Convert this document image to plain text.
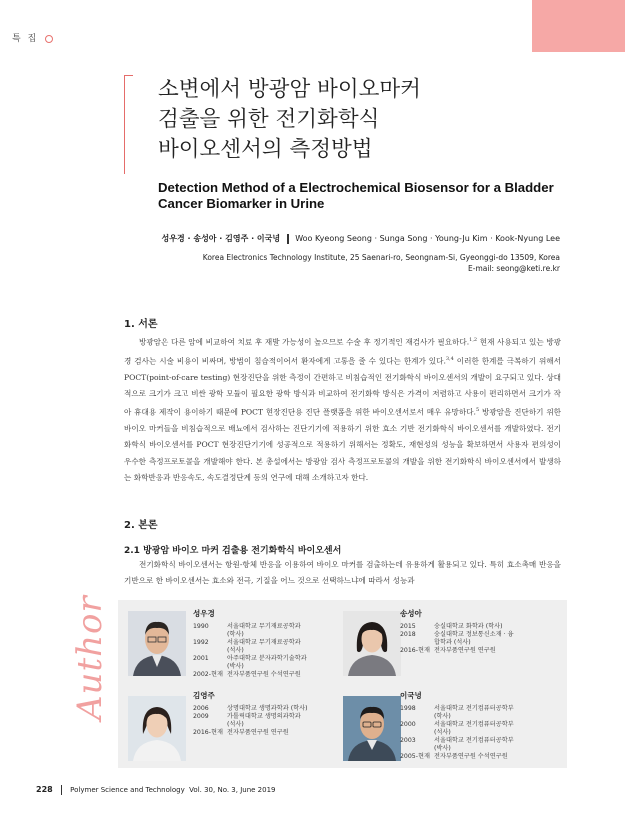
특 집
소변에서 방광암 바이오마커
검출을 위한 전기화학식
바이오센서의 측정방법
Detection Method of a Electrochemical Biosensor for a Bladder
Cancer Biomarker in Urine
성우경 · 송성아 · 김영주 · 이국녕 Woo Kyeong Seong · Sunga Song · Young-Ju Kim · Kook-Nyung Lee
Korea Electronics Technology Institute, 25 Saenari-ro, Seongnam-Si, Gyeonggi-do 13509, Korea
E-mail: seong@keti.re.kr
1. 서론

방광암은 다른 암에 비교하여 치료 후 재발 가능성이 높으므로 수술 후 정기적인 재검사가 필요하다.$^{1,2}$ 현재 사용되고 있는 방광경 검사는 시술 비용이 비싸며, 방법이 침습적이어서 환자에게 고통을 줄 수 있다는 한계가 있다.$^{3,4}$ 이러한 한계를 극복하기 위해서 POCT(point-of-care testing) 현장진단을 위한 측정이 간편하고 비침습적인 전기화학식 바이오센서의 개발이 요구되고 있다. 상대적으로 크기가 크고 비싼 광학 모듈이 필요한 광학 방식과 비교하여 전기화학 방식은 가격이 저렴하고 사용이 편리하면서 크기가 작아 휴대용 제작이 용이하기 때문에 POCT 현장진단용 진단 플랫폼을 위한 바이오센서로서 매우 유망하다.$^5$ 방광암을 진단하기 위한 바이오 마커들을 비침습적으로 배뇨에서 검사하는 진단기기에 적용하기 위한 효소 기반 전기화학식 바이오센서를 개발하였다. 전기화학식 바이오센서를 POCT 현장진단기기에 성공적으로 적용하기 위해서는 정확도, 재현성의 성능을 확보하면서 사용자 편의성이 우수한 측정프로토콜을 개발해야 한다. 본 총설에서는 방광암 검사 측정프로토콜의 개발을 위한 전기화학식 바이오센서에서 발생하는 화학반응과 반응속도, 속도결정단계 등의 연구에 대해 소개하고자 한다.

2. 본론
2.1 방광암 바이오 마커 검출용 전기화학식 바이오센서

전기화학식 바이오센서는 항원-항체 반응을 이용하여 바이오 마커를 검출하는데 유용하게 활용되고 있다. 특히 효소촉매 반응을 기반으로 한 바이오센서는 효소와 전극, 기질을 어느 것으로 선택하느냐에 따라서 성능과

Author	성우경
1990	서울대학교 무기재료공학과 (학사)
1992	서울대학교 무기재료공학과 (석사)
2001	아주대학교 분자과학기술학과 (박사)
2002-현재 전자부품연구원 수석연구원
송성아
2015	숭실대학교 화학과 (학사)
2018	숭실대학교 정보통신소재 · 융합학과 (석사)
2016-현재 전자부품연구원 연구원
김영주
2006	상명대학교 생명과학과 (학사)
2009	가톨릭대학교 생명의과학과 (석사)
2016-현재 전자부품연구원 연구원
이국녕
1998	서울대학교 전기컴퓨터공학부 (학사)
2000	서울대학교 전기컴퓨터공학부 (석사)
2003	서울대학교 전기컴퓨터공학부 (박사)
2005-현재 전자부품연구원 수석연구원
228 Polymer Science and Technology Vol. 30, No. 3, June 2019
